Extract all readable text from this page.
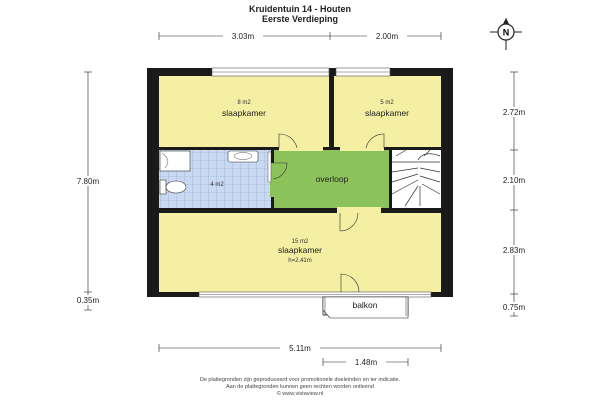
Kruidentuin 14 - Houten
Eerste Verdieping
N
3.03m	2.00m
7.80m
0.35m
2.72m
2.10m
2.83m
0.75m
5.11m
1.48m
8 m2
slaapkamer
5 m2
slaapkamer
4 m2
overloop
15 m2
slaapkamer
h=2.41m
balkon
De plattegronden zijn geproduceerd voor promotionele doeleinden en ter indicatie.
Aan de plattegronden kunnen geen rechten worden ontleend
© www.vistaview.nl
